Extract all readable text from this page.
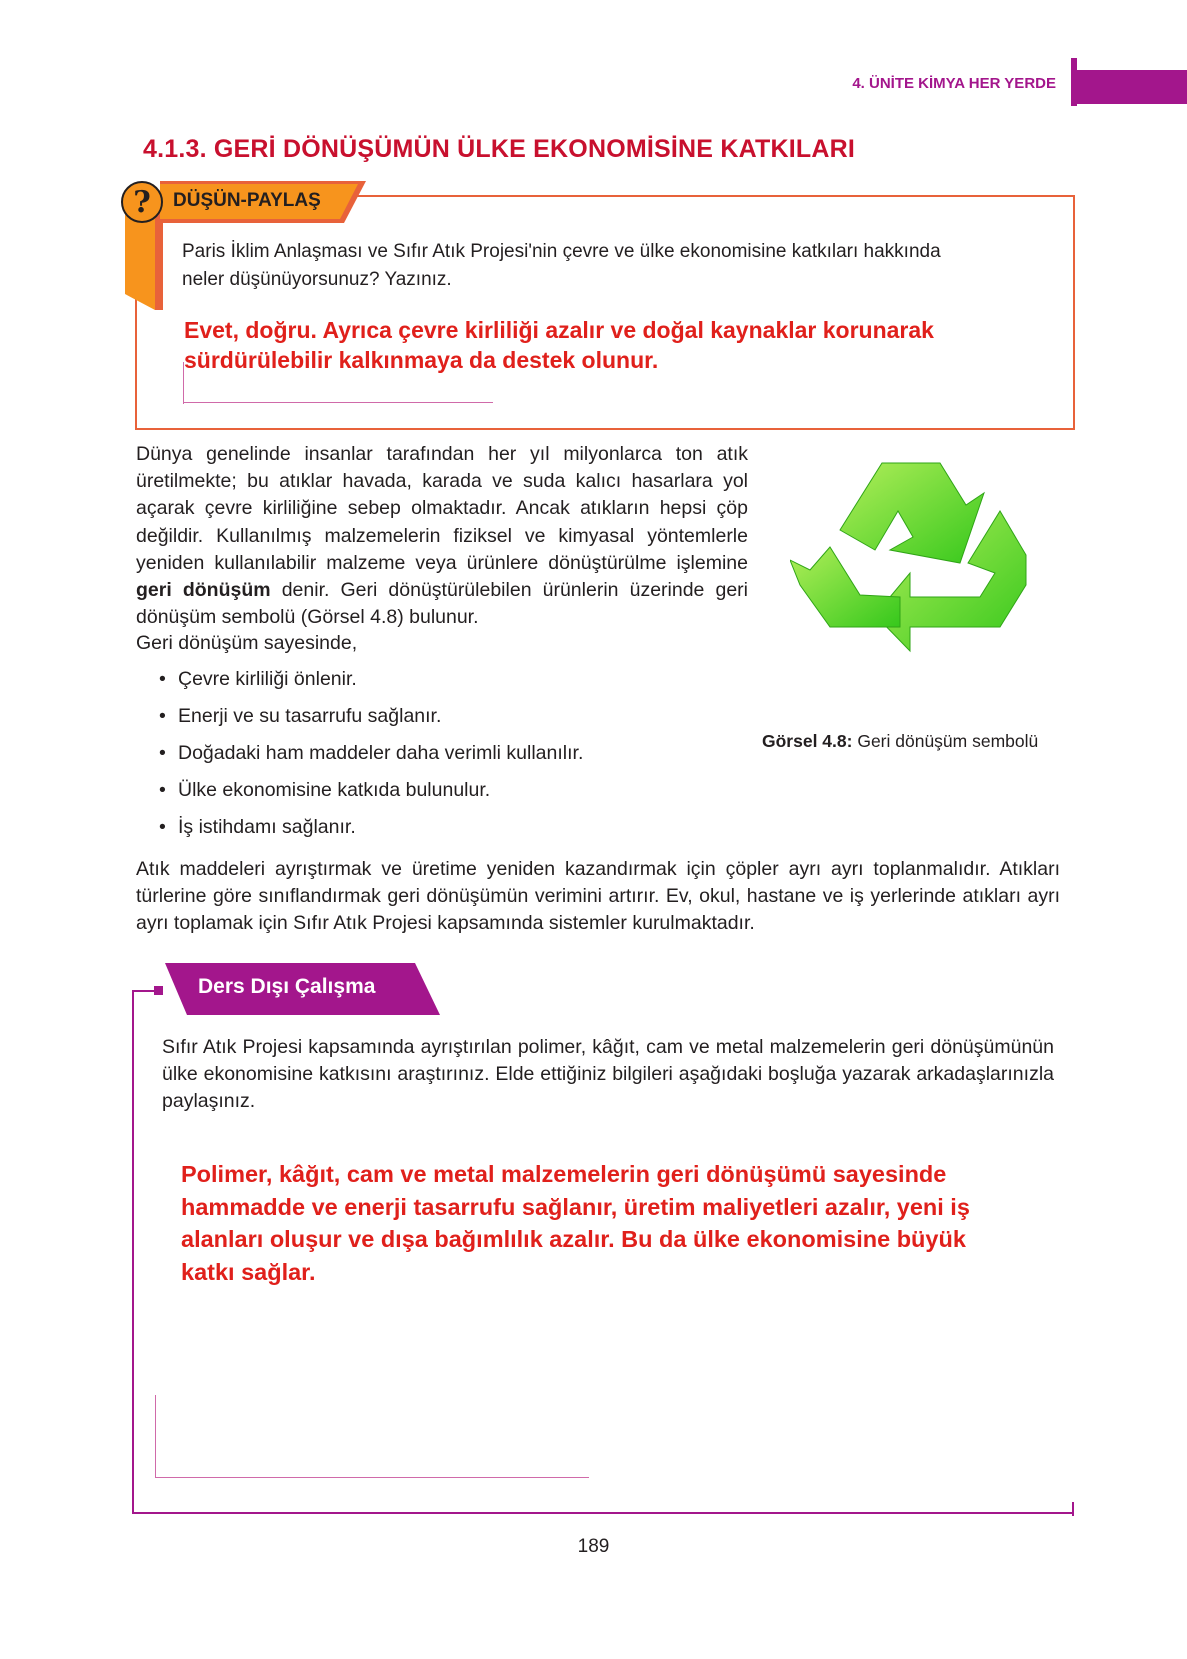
4. ÜNİTE KİMYA HER YERDE
4.1.3. GERİ DÖNÜŞÜMÜN ÜLKE EKONOMİSİNE KATKILARI
DÜŞÜN-PAYLAŞ
?
Paris İklim Anlaşması ve Sıfır Atık Projesi'nin çevre ve ülke ekonomisine katkıları hakkında
neler düşünüyorsunuz? Yazınız.
Evet, doğru. Ayrıca çevre kirliliği azalır ve doğal kaynaklar korunarak
sürdürülebilir kalkınmaya da destek olunur.
Dünya genelinde insanlar tarafından her yıl milyonlarca ton atık üretilmekte; bu atıklar havada, karada ve suda kalıcı hasarlara yol açarak çevre kirliliğine sebep olmaktadır. Ancak atıkların hepsi çöp değildir. Kullanılmış malzemelerin fiziksel ve kimyasal yöntemlerle yeniden kullanılabilir malzeme veya ürünlere dönüştürülme işlemine geri dönüşüm denir. Geri dönüştürülebilen ürünlerin üzerinde geri dönüşüm sembolü (Görsel 4.8) bulunur.
Geri dönüşüm sayesinde,
• Çevre kirliliği önlenir.
• Enerji ve su tasarrufu sağlanır.
• Doğadaki ham maddeler daha verimli kullanılır.
• Ülke ekonomisine katkıda bulunulur.
• İş istihdamı sağlanır.
Görsel 4.8: Geri dönüşüm sembolü
Atık maddeleri ayrıştırmak ve üretime yeniden kazandırmak için çöpler ayrı ayrı toplanmalıdır. Atıkları türlerine göre sınıflandırmak geri dönüşümün verimini artırır. Ev, okul, hastane ve iş yerlerinde atıkları ayrı ayrı toplamak için Sıfır Atık Projesi kapsamında sistemler kurulmaktadır.
Ders Dışı Çalışma
Sıfır Atık Projesi kapsamında ayrıştırılan polimer, kâğıt, cam ve metal malzemelerin geri dönüşümünün ülke ekonomisine katkısını araştırınız. Elde ettiğiniz bilgileri aşağıdaki boşluğa yazarak arkadaşlarınızla paylaşınız.
Polimer, kâğıt, cam ve metal malzemelerin geri dönüşümü sayesinde
hammadde ve enerji tasarrufu sağlanır, üretim maliyetleri azalır, yeni iş
alanları oluşur ve dışa bağımlılık azalır. Bu da ülke ekonomisine büyük
katkı sağlar.
189
